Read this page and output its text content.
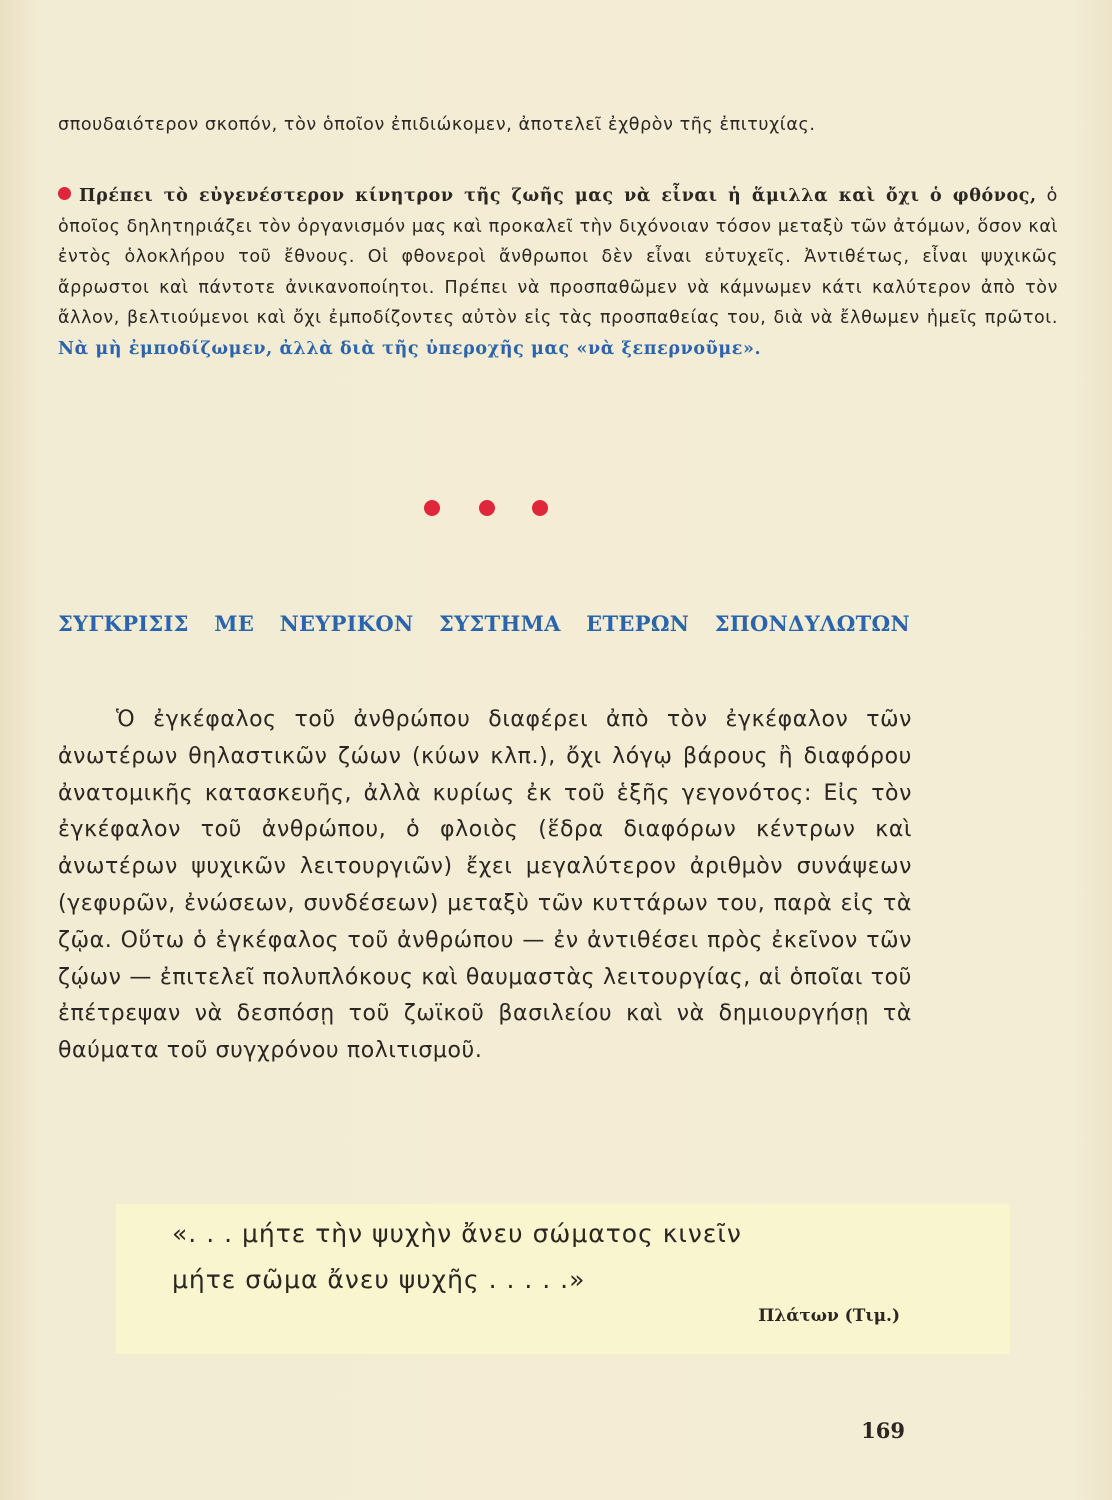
σπουδαιότερον σκοπόν, τὸν ὁποῖον ἐπιδιώκομεν, ἀποτελεῖ ἐχθρὸν τῆς ἐπιτυχίας.
Πρέπει τὸ εὐγενέστερον κίνητρον τῆς ζωῆς μας νὰ εἶναι ἡ ἅμιλλα καὶ ὄχι ὁ φθόνος, ὁ ὁποῖος δηλητηριάζει τὸν ὀργανισμόν μας καὶ προκαλεῖ τὴν διχόνοιαν τόσον μεταξὺ τῶν ἀτόμων, ὅσον καὶ ἐντὸς ὁλοκλήρου τοῦ ἔθνους. Οἱ φθονεροὶ ἄνθρωποι δὲν εἶναι εὐτυχεῖς. Ἀντιθέτως, εἶναι ψυχικῶς ἄρρωστοι καὶ πάντοτε ἀνικανοποίητοι. Πρέπει νὰ προσπαθῶμεν νὰ κάμνωμεν κάτι καλύτερον ἀπὸ τὸν ἄλλον, βελτιούμενοι καὶ ὄχι ἐμποδίζοντες αὐτὸν εἰς τὰς προσπαθείας του, διὰ νὰ ἔλθωμεν ἡμεῖς πρῶτοι. Νὰ μὴ ἐμποδίζωμεν, ἀλλὰ διὰ τῆς ὑπεροχῆς μας «νὰ ξεπερνοῦμε».
ΣΥΓΚΡΙΣΙΣ ΜΕ ΝΕΥΡΙΚΟΝ ΣΥΣΤΗΜΑ ΕΤΕΡΩΝ ΣΠΟΝΔΥΛΩΤΩΝ
Ὁ ἐγκέφαλος τοῦ ἀνθρώπου διαφέρει ἀπὸ τὸν ἐγκέφαλον τῶν ἀνωτέρων θηλαστικῶν ζώων (κύων κλπ.), ὄχι λόγῳ βάρους ἢ διαφόρου ἀνατομικῆς κατασκευῆς, ἀλλὰ κυρίως ἐκ τοῦ ἑξῆς γεγονότος: Εἰς τὸν ἐγκέφαλον τοῦ ἀνθρώπου, ὁ φλοιὸς (ἕδρα διαφόρων κέντρων καὶ ἀνωτέρων ψυχικῶν λειτουργιῶν) ἔχει μεγαλύτερον ἀριθμὸν συνάψεων (γεφυρῶν, ἐνώσεων, συνδέσεων) μεταξὺ τῶν κυττάρων του, παρὰ εἰς τὰ ζῷα. Οὕτω ὁ ἐγκέφαλος τοῦ ἀνθρώπου — ἐν ἀντιθέσει πρὸς ἐκεῖνον τῶν ζῴων — ἐπιτελεῖ πολυπλόκους καὶ θαυμαστὰς λειτουργίας, αἱ ὁποῖαι τοῦ ἐπέτρεψαν νὰ δεσπόσῃ τοῦ ζωϊκοῦ βασιλείου καὶ νὰ δημιουργήσῃ τὰ θαύματα τοῦ συγχρόνου πολιτισμοῦ.
«. . . μήτε τὴν ψυχὴν ἄνευ σώματος κινεῖν
μήτε σῶμα ἄνευ ψυχῆς . . . . .»
Πλάτων (Τιμ.)
169
